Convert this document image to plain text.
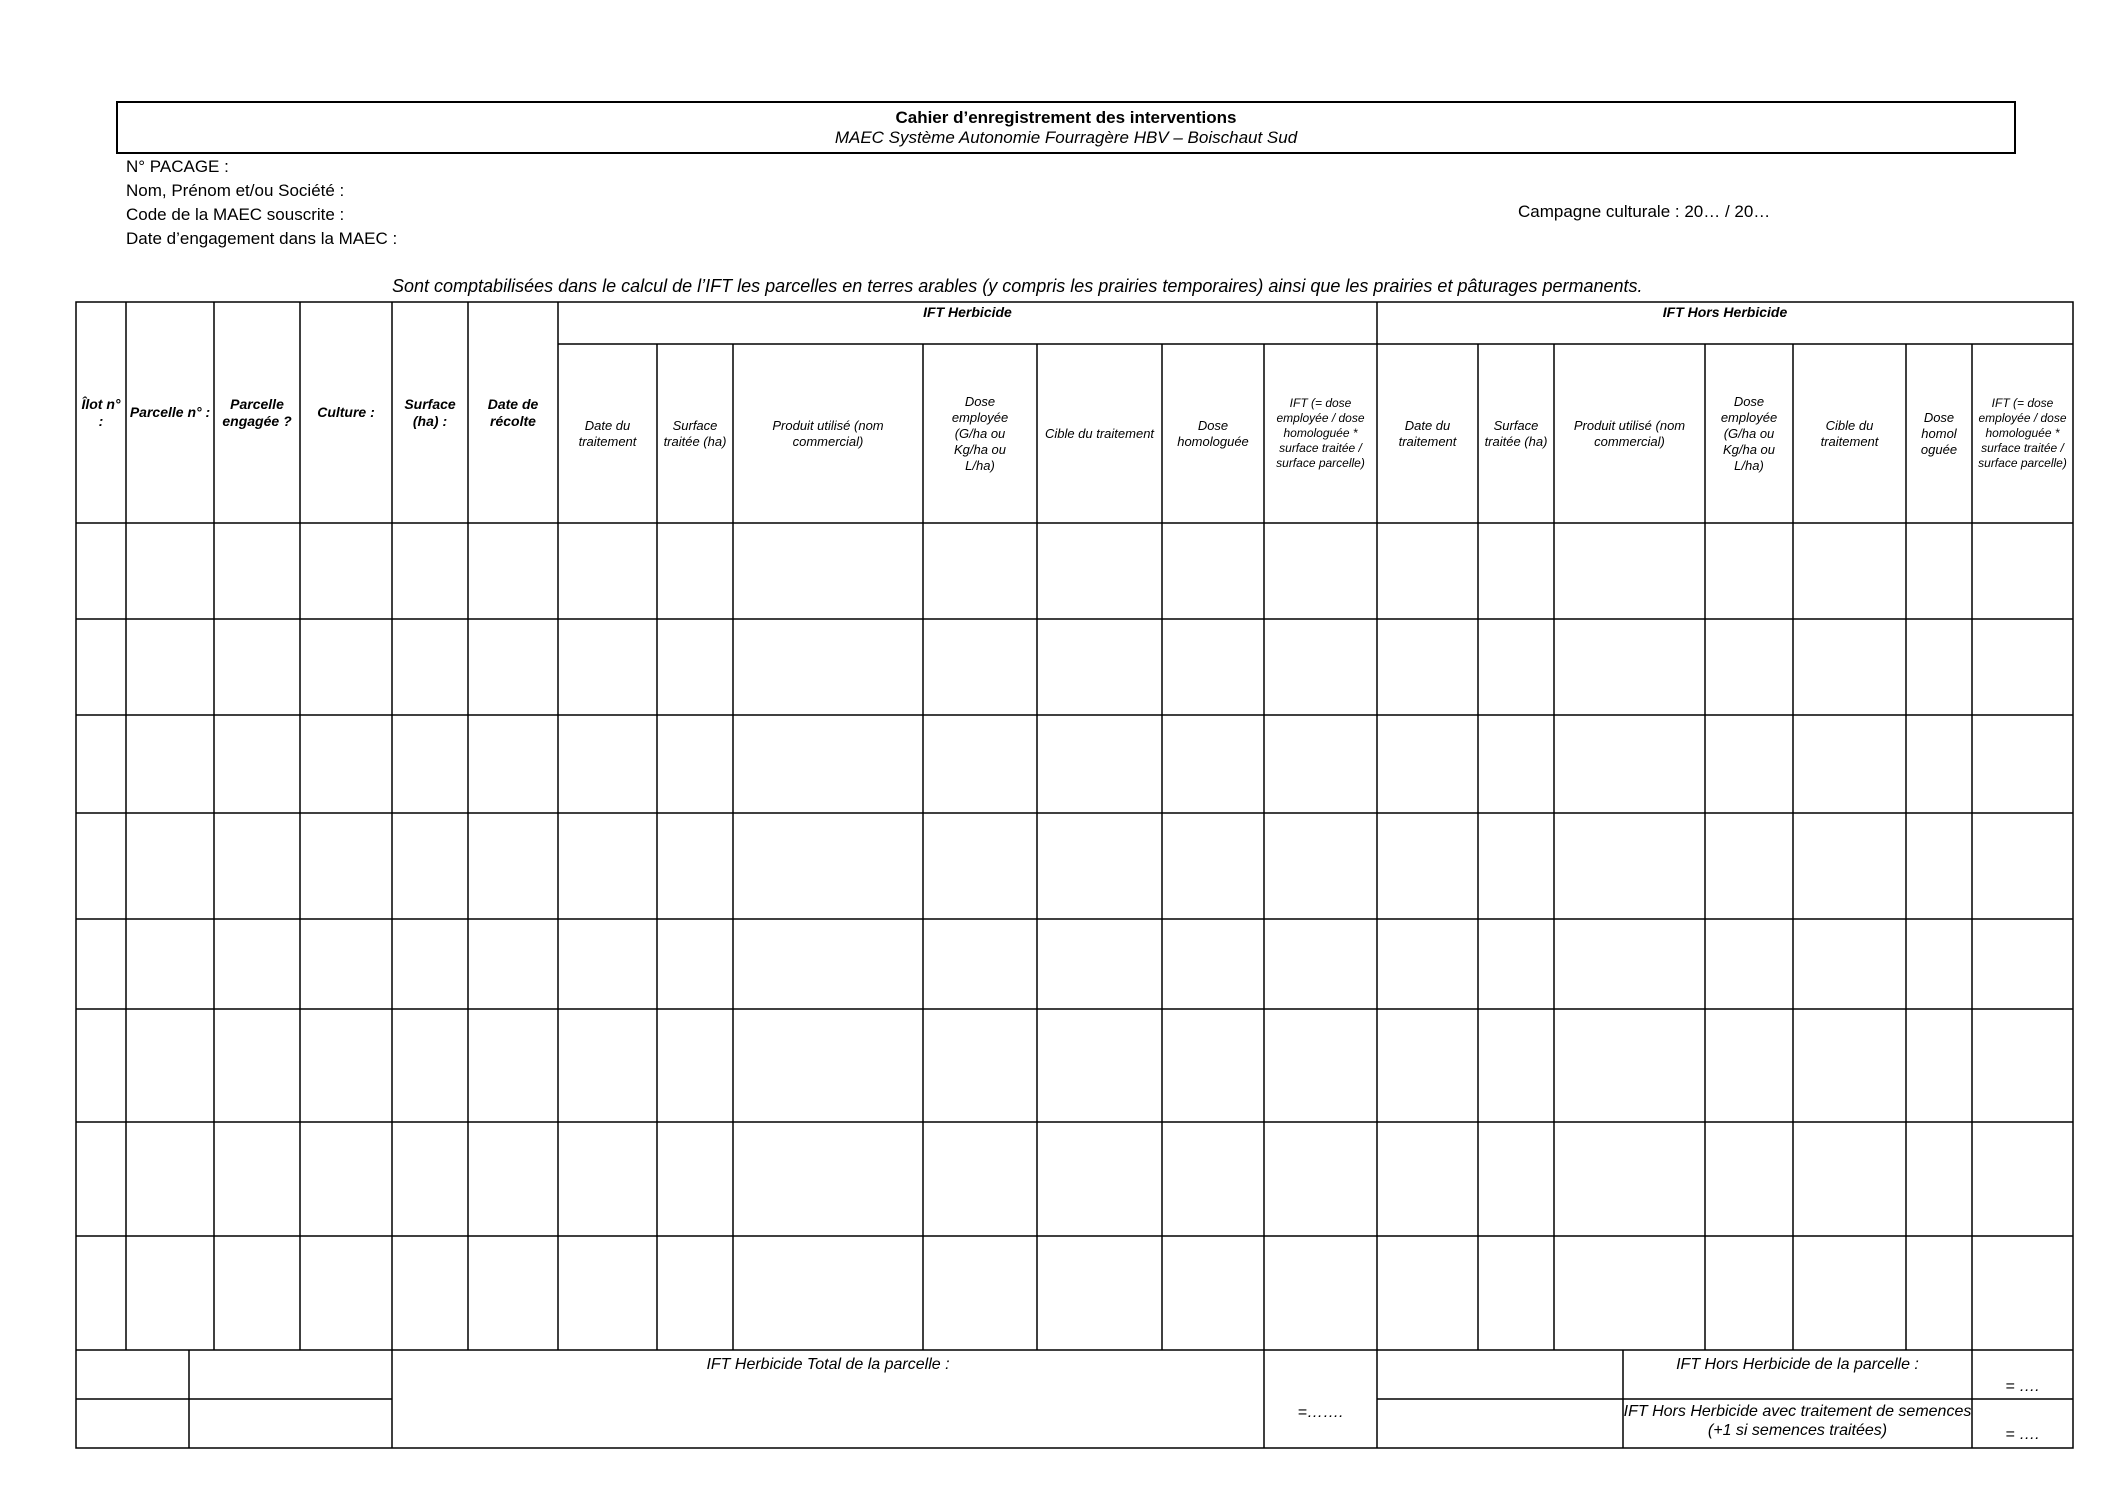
Cahier d’enregistrement des interventions
MAEC Système Autonomie Fourragère HBV – Boischaut Sud
N° PACAGE :
Nom, Prénom et/ou Société :
Code de la MAEC souscrite :
Date d’engagement dans la MAEC :
Campagne culturale : 20… / 20…
Sont comptabilisées dans le calcul de l’IFT les parcelles en terres arables (y compris les prairies temporaires) ainsi que les prairies et pâturages permanents.
Îlot n° :
Parcelle n° :
Parcelle engagée ?
Culture :
Surface (ha) :
Date de récolte
IFT Herbicide	IFT Hors Herbicide
Date du traitement
Surface traitée (ha)
Produit utilisé (nom commercial)
Dose employée (G/ha ou Kg/ha ou L/ha)
Cible du traitement
Dose homologuée
IFT (= dose employée / dose homologuée * surface traitée / surface parcelle)
Date du traitement
Surface traitée (ha)
Produit utilisé (nom commercial)
Dose employée (G/ha ou Kg/ha ou L/ha)
Cible du traitement
Dose homol oguée
IFT (= dose employée / dose homologuée * surface traitée / surface parcelle)
IFT Herbicide Total de la parcelle :
=…….
IFT Hors Herbicide de la parcelle :
= ….
IFT Hors Herbicide avec traitement de semences (+1 si semences traitées)	= ….
